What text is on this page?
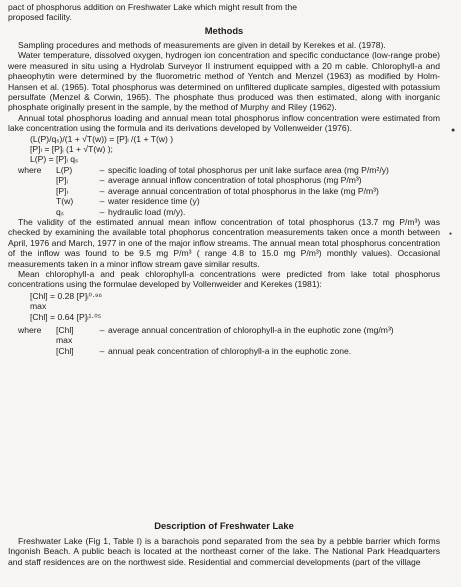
pact of phosphorus addition on Freshwater Lake which might result from the

proposed facility.

Methods

Sampling procedures and methods of measurements are given in detail by Kerekes et al. (1978).

Water temperature, dissolved oxygen, hydrogen ion concentration and specific conductance (low-range probe) were measured in situ using a Hydrolab Surveyor II instrument equipped with a 20 m cable. Chlorophyll-a and phaeophytin were determined by the fluorometric method of Yentch and Menzel (1963) as modified by Holm-Hansen et al. (1965). Total phosphorus was determined on unfiltered duplicate samples, digested with potassium persulfate (Menzel & Corwin, 1965). The phosphate thus produced was then estimated, along with inorganic phosphate originally present in the sample, by the method of Murphy and Riley (1962).

Annual total phosphorus loading and annual mean total phosphorus inflow concentration were estimated from lake concentration using the formula and its derivations developed by Vollenweider (1976).

(L(P)/qₛ)/(1 + √T(w)) = [P]ₗ /(1 + T(w) )
[P]ₗ = [P]ᵢ (1 + √T(w) );
L(P) = [P]ᵢ qₛ
where	L(P)	–	specific loading of total phosphorus per unit lake surface area (mg P/m²/y)
	[P]ᵢ	–	average annual inflow concentration of total phosphorus (mg P/m³)
	[P]ₗ	–	average annual concentration of total phosphorus in the lake (mg P/m³)
	T(w)	–	water residence time (y)
	qₛ	–	hydraulic load (m/y).

The validity of the estimated annual mean inflow concentration of total phosphorus (13.7 mg P/m³) was checked by examining the available total phophorus concentration measurements taken once a month between April, 1976 and March, 1977 in one of the major inflow streams. The annual mean total phosphorus concentration of the inflow was found to be 9.5 mg P/m³ ( range 4.8 to 15.0 mg P/m³) monthly values). Occasional measurements taken in a minor inflow stream gave similar results.

Mean chlorophyll-a and peak chlorophyll-a concentrations were predicted from lake total phosphorus concentrations using the formulae developed by Vollenweider and Kerekes (1981):

[Chl] = 0.28 [P]ₗ⁰·⁹⁶
max
[Chl] = 0.64 [P]ₗ¹·⁰⁵
where	[Chl]	–	average annual concentration of chlorophyll-a in the euphotic zone (mg/m³)
	max		
	[Chl]	–	annual peak concentration of chlorophyll-a in the euphotic zone.
Description of Freshwater Lake

Freshwater Lake (Fig 1, Table I) is a barachois pond separated from the sea by a pebble barrier which forms Ingonish Beach. A public beach is located at the northeast corner of the lake. The National Park Headquarters and staff residences are on the northwest side. Residential and commercial developments (part of the village

●
●
